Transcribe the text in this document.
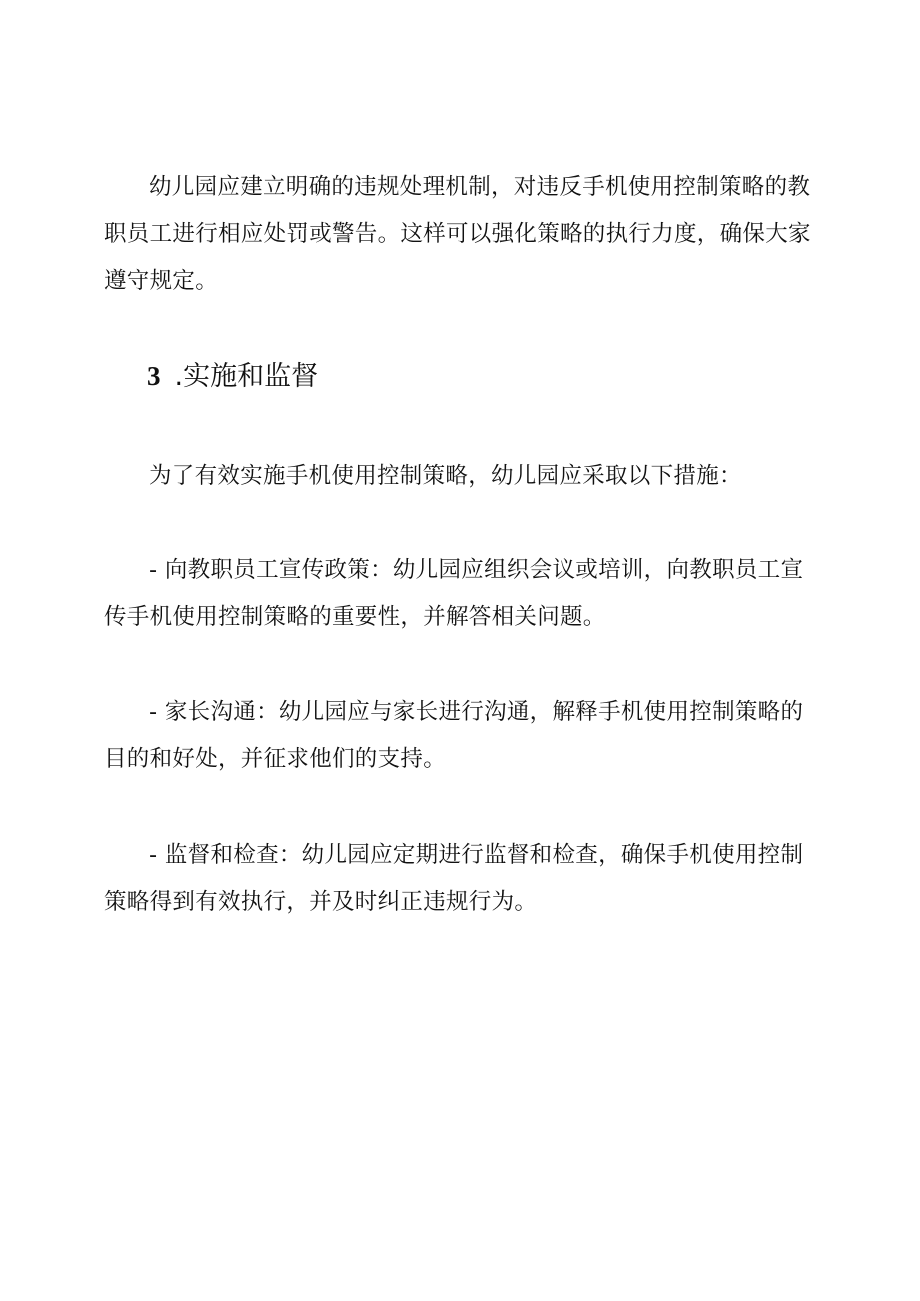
幼儿园应建立明确的违规处理机制，对违反手机使用控制策略的教职员工进行相应处罚或警告。这样可以强化策略的执行力度，确保大家遵守规定。

3 .实施和监督

为了有效实施手机使用控制策略，幼儿园应采取以下措施：

- 向教职员工宣传政策：幼儿园应组织会议或培训，向教职员工宣传手机使用控制策略的重要性，并解答相关问题。

- 家长沟通：幼儿园应与家长进行沟通，解释手机使用控制策略的目的和好处，并征求他们的支持。

- 监督和检查：幼儿园应定期进行监督和检查，确保手机使用控制策略得到有效执行，并及时纠正违规行为。
